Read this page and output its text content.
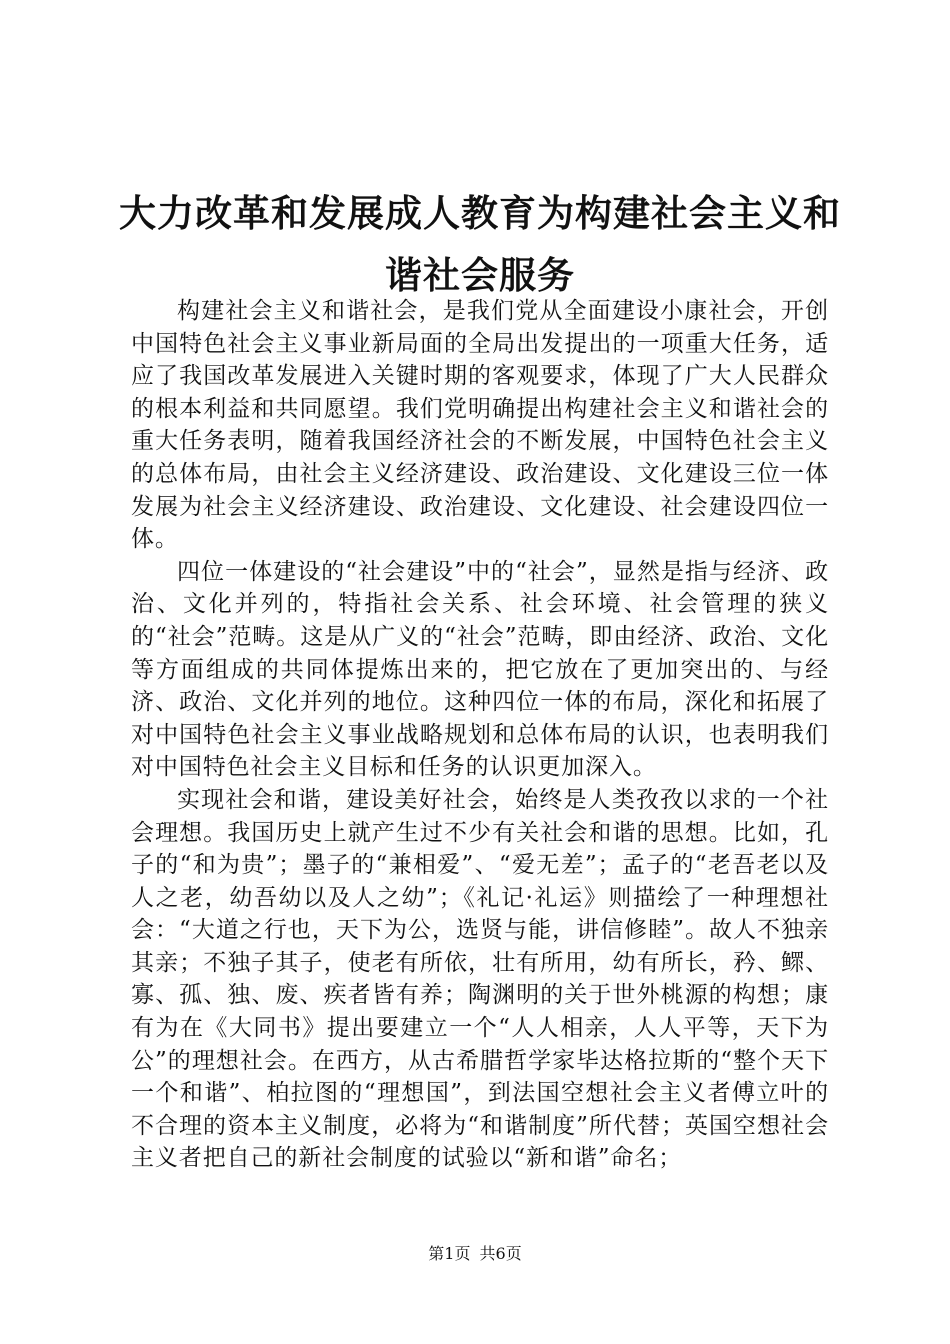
大力改革和发展成人教育为构建社会主义和谐社会服务

构建社会主义和谐社会，是我们党从全面建设小康社会，开创中国特色社会主义事业新局面的全局出发提出的一项重大任务，适应了我国改革发展进入关键时期的客观要求，体现了广大人民群众的根本利益和共同愿望。我们党明确提出构建社会主义和谐社会的重大任务表明，随着我国经济社会的不断发展，中国特色社会主义的总体布局，由社会主义经济建设、政治建设、文化建设三位一体发展为社会主义经济建设、政治建设、文化建设、社会建设四位一体。

四位一体建设的“社会建设”中的“社会”，显然是指与经济、政治、文化并列的，特指社会关系、社会环境、社会管理的狭义的“社会”范畴。这是从广义的“社会”范畴，即由经济、政治、文化等方面组成的共同体提炼出来的，把它放在了更加突出的、与经济、政治、文化并列的地位。这种四位一体的布局，深化和拓展了对中国特色社会主义事业战略规划和总体布局的认识，也表明我们对中国特色社会主义目标和任务的认识更加深入。

实现社会和谐，建设美好社会，始终是人类孜孜以求的一个社会理想。我国历史上就产生过不少有关社会和谐的思想。比如，孔子的“和为贵”；墨子的“兼相爱”、“爱无差”；孟子的“老吾老以及人之老，幼吾幼以及人之幼”；《礼记·礼运》则描绘了一种理想社会：“大道之行也，天下为公，选贤与能，讲信修睦”。故人不独亲其亲；不独子其子，使老有所依，壮有所用，幼有所长，矜、鳏、寡、孤、独、废、疾者皆有养；陶渊明的关于世外桃源的构想；康有为在《大同书》提出要建立一个“人人相亲，人人平等，天下为公”的理想社会。在西方，从古希腊哲学家毕达格拉斯的“整个天下一个和谐”、柏拉图的“理想国”，到法国空想社会主义者傅立叶的不合理的资本主义制度，必将为“和谐制度”所代替；英国空想社会主义者把自己的新社会制度的试验以“新和谐”命名；

第1页 共6页
